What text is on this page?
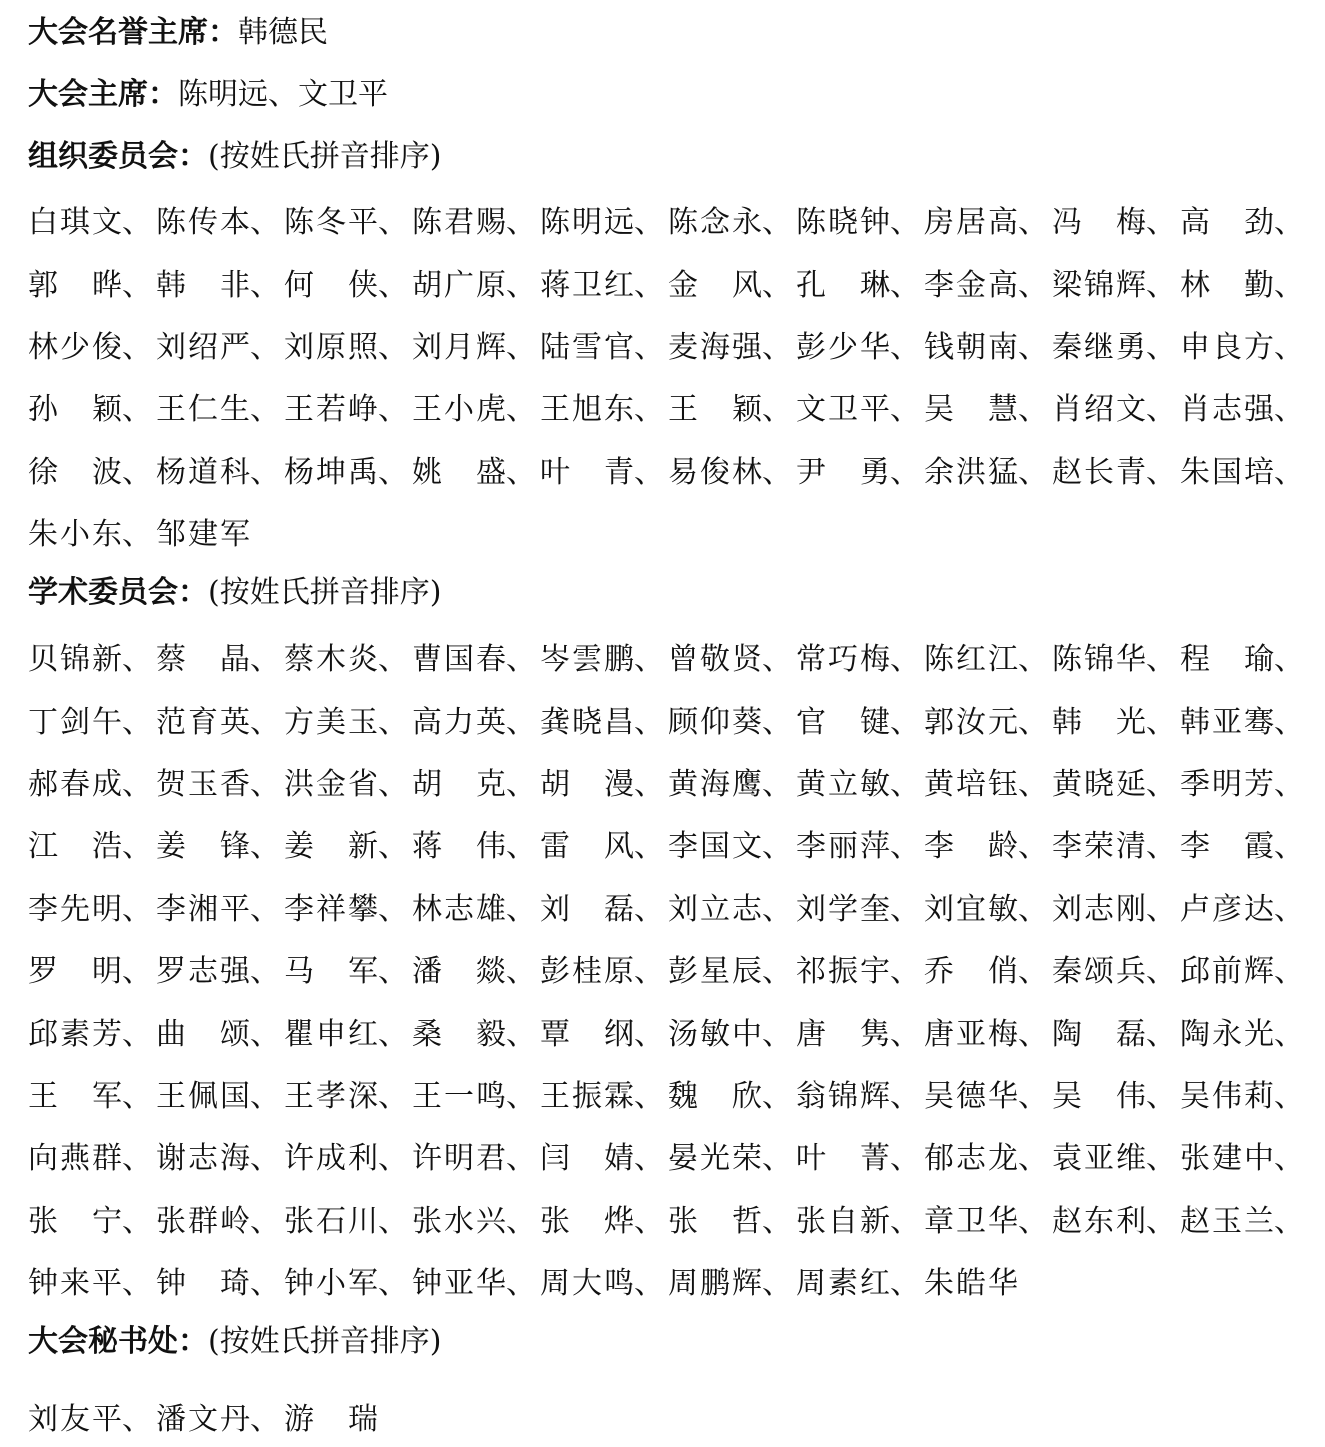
大会名誉主席：韩德民
大会主席：陈明远、文卫平
组织委员会：(按姓氏拼音排序)
白琪文 、 陈传本 、 陈冬平 、 陈君赐 、 陈明远 、 陈念永 、 陈晓钟 、 房居高 、 冯　梅 、 高　劲 、
郭　晔 、 韩　非 、 何　侠 、 胡广原 、 蒋卫红 、 金　风 、 孔　琳 、 李金高 、 梁锦辉 、 林　勤 、
林少俊 、 刘绍严 、 刘原照 、 刘月辉 、 陆雪官 、 麦海强 、 彭少华 、 钱朝南 、 秦继勇 、 申良方 、
孙　颖 、 王仁生 、 王若峥 、 王小虎 、 王旭东 、 王　颖 、 文卫平 、 吴　慧 、 肖绍文 、 肖志强 、
徐　波 、 杨道科 、 杨坤禹 、 姚　盛 、 叶　青 、 易俊林 、 尹　勇 、 余洪猛 、 赵长青 、 朱国培 、
朱小东 、 邹建军
学术委员会：(按姓氏拼音排序)
贝锦新 、 蔡　晶 、 蔡木炎 、 曹国春 、 岑雲鹏 、 曾敬贤 、 常巧梅 、 陈红江 、 陈锦华 、 程　瑜 、
丁剑午 、 范育英 、 方美玉 、 高力英 、 龚晓昌 、 顾仰葵 、 官　键 、 郭汝元 、 韩　光 、 韩亚骞 、
郝春成 、 贺玉香 、 洪金省 、 胡　克 、 胡　漫 、 黄海鹰 、 黄立敏 、 黄培钰 、 黄晓延 、 季明芳 、
江　浩 、 姜　锋 、 姜　新 、 蒋　伟 、 雷　风 、 李国文 、 李丽萍 、 李　龄 、 李荣清 、 李　霞 、
李先明 、 李湘平 、 李祥攀 、 林志雄 、 刘　磊 、 刘立志 、 刘学奎 、 刘宜敏 、 刘志刚 、 卢彦达 、
罗　明 、 罗志强 、 马　军 、 潘　燚 、 彭桂原 、 彭星辰 、 祁振宇 、 乔　俏 、 秦颂兵 、 邱前辉 、
邱素芳 、 曲　颂 、 瞿申红 、 桑　毅 、 覃　纲 、 汤敏中 、 唐　隽 、 唐亚梅 、 陶　磊 、 陶永光 、
王　军 、 王佩国 、 王孝深 、 王一鸣 、 王振霖 、 魏　欣 、 翁锦辉 、 吴德华 、 吴　伟 、 吴伟莉 、
向燕群 、 谢志海 、 许成利 、 许明君 、 闫　婧 、 晏光荣 、 叶　菁 、 郁志龙 、 袁亚维 、 张建中 、
张　宁 、 张群岭 、 张石川 、 张水兴 、 张　烨 、 张　哲 、 张自新 、 章卫华 、 赵东利 、 赵玉兰 、
钟来平 、 钟　琦 、 钟小军 、 钟亚华 、 周大鸣 、 周鹏辉 、 周素红 、 朱皓华
大会秘书处：(按姓氏拼音排序)
刘友平 、 潘文丹 、 游　瑞
